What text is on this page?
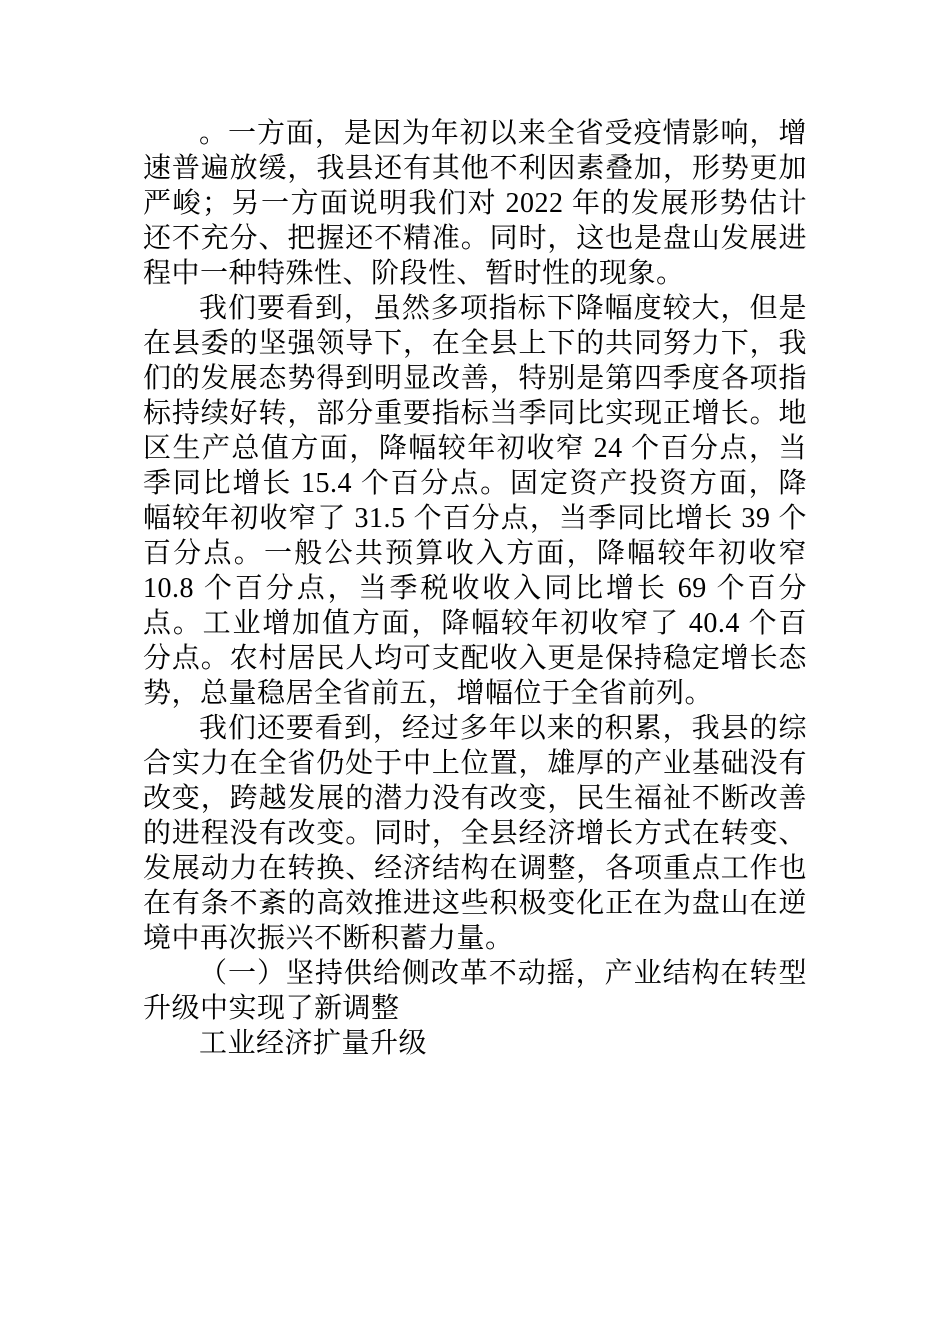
。一方面，是因为年初以来全省受疫情影响，增速普遍放缓，我县还有其他不利因素叠加，形势更加严峻；另一方面说明我们对 2022 年的发展形势估计还不充分、把握还不精准。同时，这也是盘山发展进程中一种特殊性、阶段性、暂时性的现象。

我们要看到，虽然多项指标下降幅度较大，但是在县委的坚强领导下，在全县上下的共同努力下，我们的发展态势得到明显改善，特别是第四季度各项指标持续好转，部分重要指标当季同比实现正增长。地区生产总值方面，降幅较年初收窄 24 个百分点，当季同比增长 15.4 个百分点。固定资产投资方面，降幅较年初收窄了 31.5 个百分点，当季同比增长 39 个百分点。一般公共预算收入方面，降幅较年初收窄 10.8 个百分点，当季税收收入同比增长 69 个百分点。工业增加值方面，降幅较年初收窄了 40.4 个百分点。农村居民人均可支配收入更是保持稳定增长态势，总量稳居全省前五，增幅位于全省前列。

我们还要看到，经过多年以来的积累，我县的综合实力在全省仍处于中上位置，雄厚的产业基础没有改变，跨越发展的潜力没有改变，民生福祉不断改善的进程没有改变。同时，全县经济增长方式在转变、发展动力在转换、经济结构在调整，各项重点工作也在有条不紊的高效推进这些积极变化正在为盘山在逆境中再次振兴不断积蓄力量。

（一）坚持供给侧改革不动摇，产业结构在转型升级中实现了新调整

工业经济扩量升级
